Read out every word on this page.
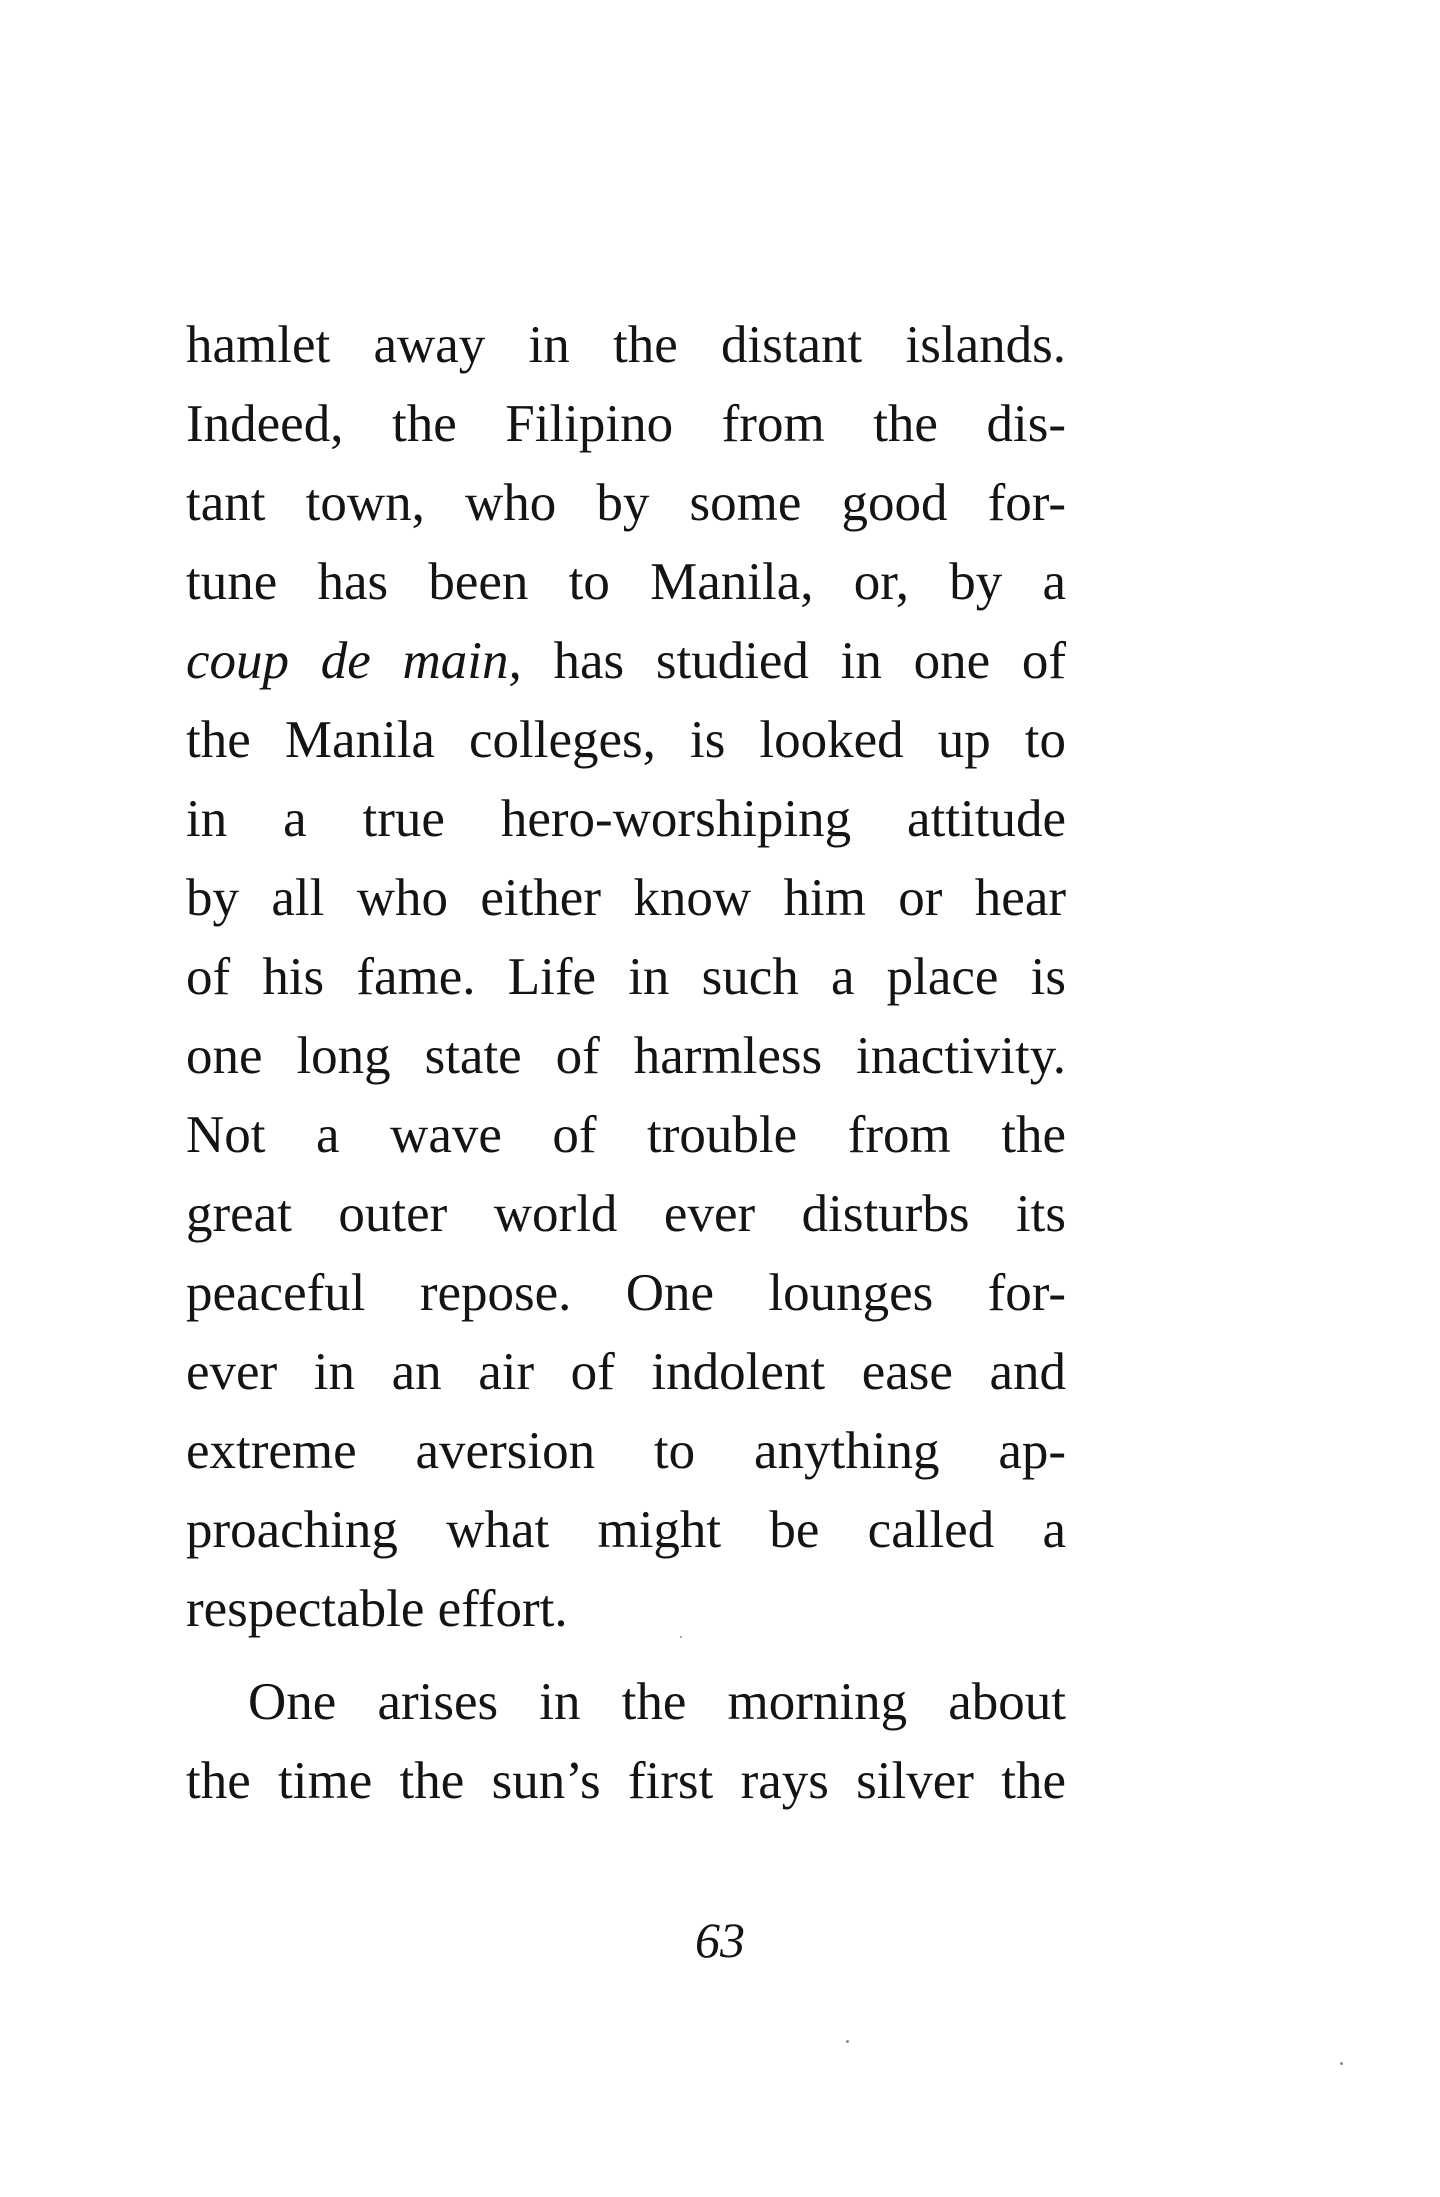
hamlet away in the distant islands.
Indeed, the Filipino from the dis-
tant town, who by some good for-
tune has been to Manila, or, by a
coup de main, has studied in one of
the Manila colleges, is looked up to
in a true hero-worshiping attitude
by all who either know him or hear
of his fame. Life in such a place is
one long state of harmless inactivity.
Not a wave of trouble from the
great outer world ever disturbs its
peaceful repose. One lounges for-
ever in an air of indolent ease and
extreme aversion to anything ap-
proaching what might be called a
respectable effort.
One arises in the morning about
the time the sun’s first rays silver the
63
